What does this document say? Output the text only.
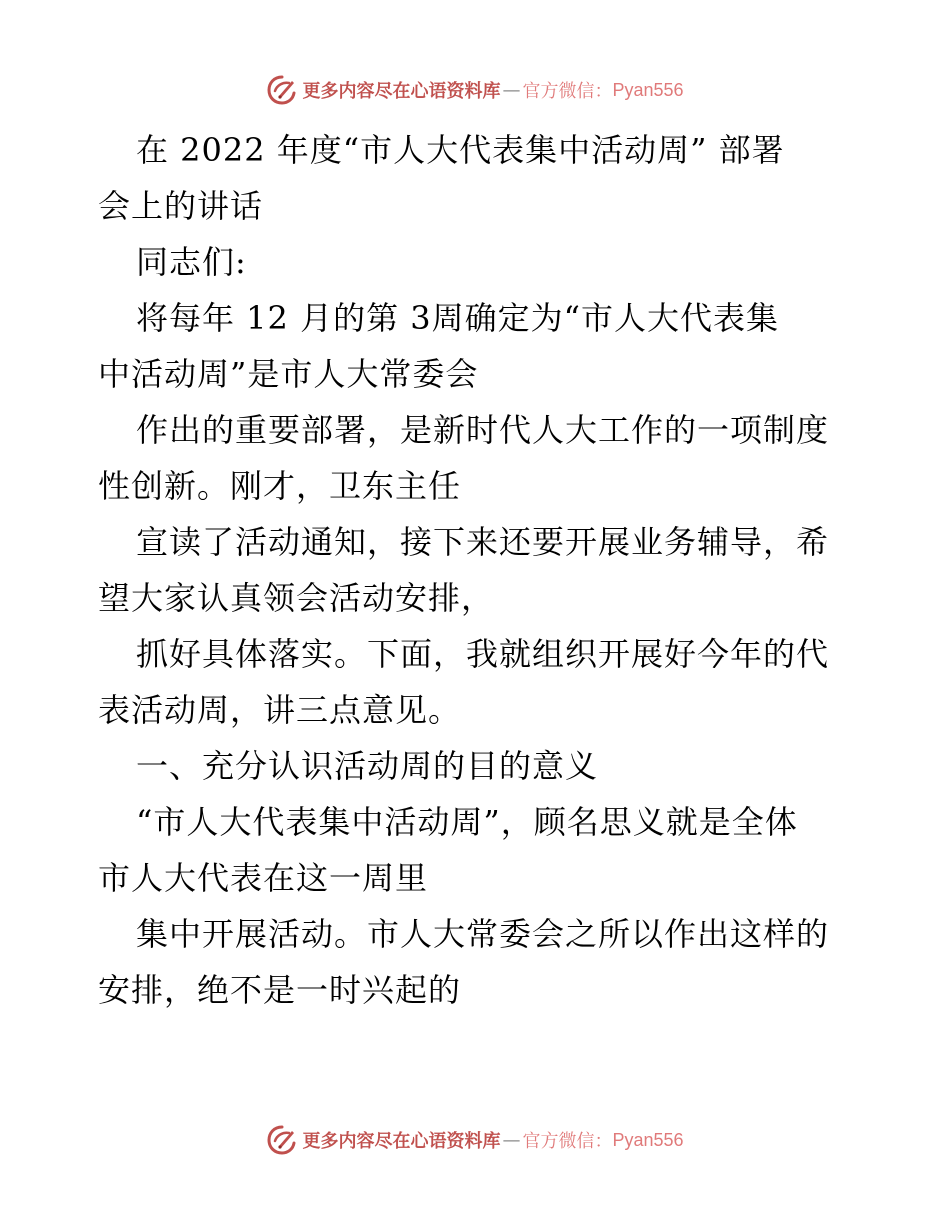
更多内容尽在心语资料库 — 官方微信： Pyan556

在 2022 年度“市人大代表集中活动周” 部署
会上的讲话

同志们:

将每年 12 月的第 3周确定为“市人大代表集
中活动周”是市人大常委会

作出的重要部署，是新时代人大工作的一项制度
性创新。刚才，卫东主任

宣读了活动通知，接下来还要开展业务辅导，希
望大家认真领会活动安排，

抓好具体落实。下面，我就组织开展好今年的代
表活动周，讲三点意见。

一、充分认识活动周的目的意义

“市人大代表集中活动周”，顾名思义就是全体
市人大代表在这一周里

集中开展活动。市人大常委会之所以作出这样的
安排，绝不是一时兴起的

更多内容尽在心语资料库 — 官方微信： Pyan556
